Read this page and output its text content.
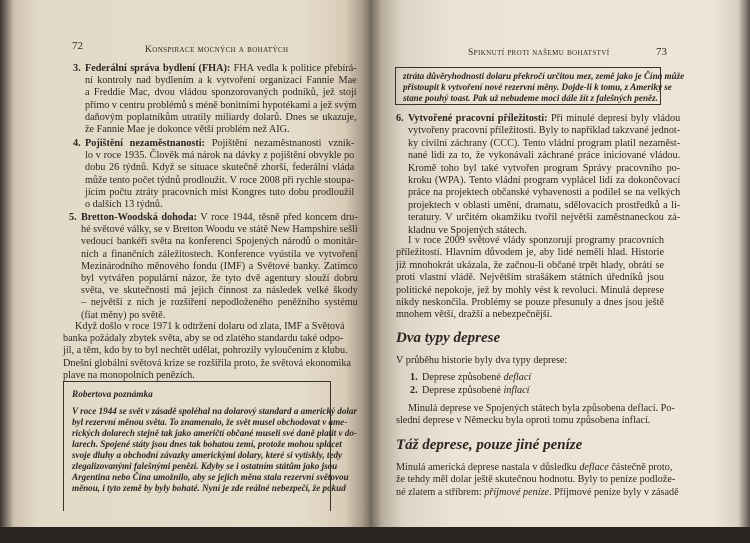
72	Konspirace mocných a bohatých
3. Federální správa bydlení (FHA): FHA vedla k politice přebírá-
ní kontroly nad bydlením a k vytvoření organizací Fannie Mae
a Freddie Mac, dvou vládou sponzorovaných podniků, jež stojí
přímo v centru problémů s méně bonitními hypotékami a jež svým
daňovým poplatníkům utratily miliardy dolarů. Dnes se ukazuje,
že Fannie Mae je dokonce větší problém než AIG.
4. Pojištění nezaměstnanosti: Pojištění nezaměstnanosti vznik-
lo v roce 1935. Člověk má nárok na dávky z pojištění obvykle po
dobu 26 týdnů. Když se situace skutečně zhorší, federální vláda
může tento počet týdnů prodloužit. V roce 2008 při rychle stoupa-
jícím počtu ztráty pracovních míst Kongres tuto dobu prodloužil
o dalších 13 týdnů.
5. Bretton-Woodská dohoda: V roce 1944, těsně před koncem dru-
hé světové války, se v Bretton Woodu ve státě New Hampshire sešli
vedoucí bankéři světa na konferenci Spojených národů o monitár-
ních a finančních záležitostech. Konference vyústila ve vytvoření
Mezinárodního měnového fondu (IMF) a Světové banky. Zatímco
byl vytvářen populární názor, že tyto dvě agentury slouží dobru
světa, ve skutečnosti má jejich činnost za následek velké škody
– největší z nich je rozšíření nepodloženého peněžního systému
(fiat měny) po světě.
Když došlo v roce 1971 k odtržení dolaru od zlata, IMF a Světová
banka požádaly zbytek světa, aby se od zlatého standardu také odpo-
jil, a těm, kdo by to byl nechtět udělat, pohrozily vyloučením z klubu.
Dnešní globální světová krize se rozšířila proto, že světová ekonomika
plave na monopolních penězích.
Robertova poznámka
V roce 1944 se svět v zásadě spoléhal na dolarový standard a americký dolar
byl rezervní měnou světa. To znamenalo, že svět musel obchodovat v ame-
rických dolarech stejně tak jako američtí občané museli své daně platit v do-
larech. Spojené státy jsou dnes tak bohatou zemí, protože mohou splácet
svoje dluhy a obchodní závazky americkými dolary, které si vytiskly, tedy
zlegalizovanými falešnými penězi. Kdyby se i ostatním státům jako jsou
Argentina nebo Čína umožnilo, aby se jejich měna stala rezervní světovou
měnou, i tyto země by byly bohaté. Nyní je zde reálné nebezpečí, že pokud
Spiknutí proti našemu bohatství	73
ztráta důvěryhodnosti dolaru překročí určitou mez, země jako je Čína může
přistoupit k vytvoření nové rezervní měny. Dojde-li k tomu, z Ameriky se
stane pouhý toast. Pak už nebudeme moci dále žít z falešných peněz.
6. Vytvořené pracovní příležitosti: Při minulé depresi byly vládou
vytvořeny pracovní příležitosti. Byly to například takzvané jednot-
ky civilní záchrany (CCC). Tento vládní program platil nezaměst-
nané lidi za to, že vykonávali záchrané práce iniciované vládou.
Kromě toho byl také vytvořen program Správy pracovního po-
kroku (WPA). Tento vládní program vyplácel lidi za dokončovací
práce na projektech občanské vybavenosti a podílel se na velkých
projektech v oblasti umění, dramatu, sdělovacích prostředků a li-
teratury. V určitém okamžiku tvořil největší zaměstnaneckou zá-
kladnu ve Spojených státech.
I v roce 2009 světové vlády sponzorují programy pracovních
příležitostí. Hlavním důvodem je, aby lidé neměli hlad. Historie
již mnohokrát ukázala, že začnou-li občané trpět hlady, obrátí se
proti vlastní vládě. Největším strašákem státních úředníků jsou
politické nepokoje, jež by mohly vést k revoluci. Minulá deprese
nikdy neskončila. Problémy se pouze přesunuly a dnes jsou ještě
mnohem větší, dražší a nebezpečnější.
Dva typy deprese
V průběhu historie byly dva typy deprese:
1. Deprese způsobené deflací
2. Deprese způsobené inflací
Minulá deprese ve Spojených státech byla způsobena deflací. Po-
slední deprese v Německu byla oproti tomu způsobena inflací.
Táž deprese, pouze jiné peníze
Minulá americká deprese nastala v důsledku deflace částečně proto,
že tehdy měl dolar ještě skutečnou hodnotu. Byly to peníze podlože-
né zlatem a stříbrem: příjmové peníze. Příjmové peníze byly v zásadě
